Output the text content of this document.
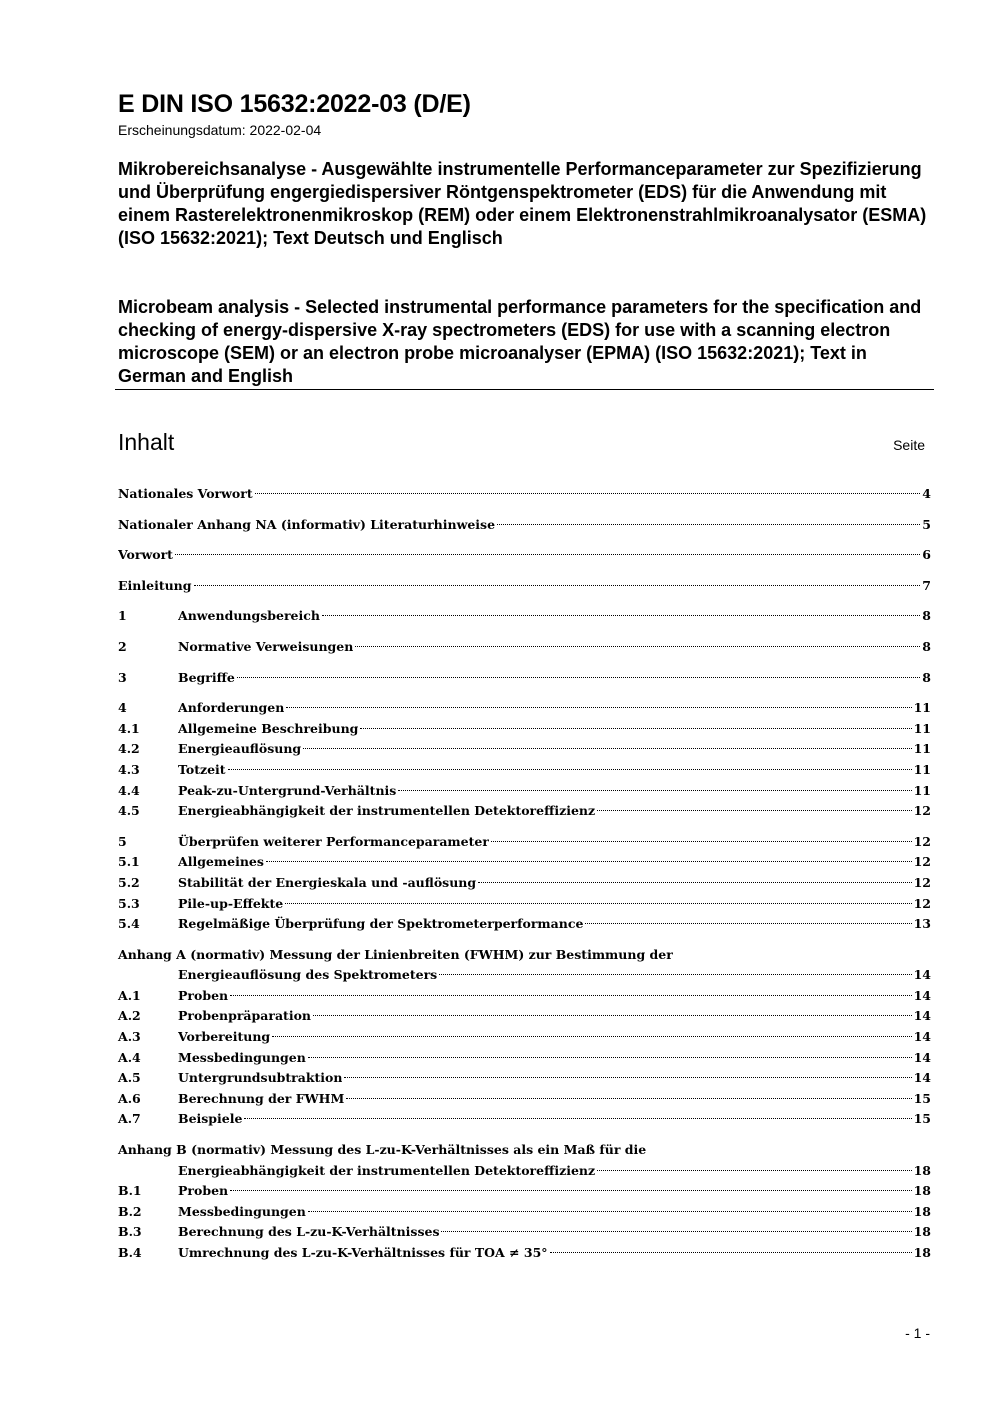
E DIN ISO 15632:2022-03 (D/E)
Erscheinungsdatum: 2022-02-04
Mikrobereichsanalyse - Ausgewählte instrumentelle Performanceparameter zur Spezifizierung und Überprüfung engergiedispersiver Röntgenspektrometer (EDS) für die Anwendung mit einem Rasterelektronenmikroskop (REM) oder einem Elektronenstrahlmikroanalysator (ESMA) (ISO 15632:2021); Text Deutsch und Englisch
Microbeam analysis - Selected instrumental performance parameters for the specification and checking of energy-dispersive X-ray spectrometers (EDS) for use with a scanning electron microscope (SEM) or an electron probe microanalyser (EPMA) (ISO 15632:2021); Text in German and English
Inhalt	Seite
Nationales Vorwort	4
Nationaler Anhang NA (informativ) Literaturhinweise	5
Vorwort	6
Einleitung	7
1	Anwendungsbereich	8
2	Normative Verweisungen	8
3	Begriffe	8
4	Anforderungen	11
4.1	Allgemeine Beschreibung	11
4.2	Energieauflösung	11
4.3	Totzeit	11
4.4	Peak-zu-Untergrund-Verhältnis	11
4.5	Energieabhängigkeit der instrumentellen Detektoreffizienz	12
5	Überprüfen weiterer Performanceparameter	12
5.1	Allgemeines	12
5.2	Stabilität der Energieskala und -auflösung	12
5.3	Pile-up-Effekte	12
5.4	Regelmäßige Überprüfung der Spektrometerperformance	13
Anhang A (normativ) Messung der Linienbreiten (FWHM) zur Bestimmung der
Energieauflösung des Spektrometers	14
A.1	Proben	14
A.2	Probenpräparation	14
A.3	Vorbereitung	14
A.4	Messbedingungen	14
A.5	Untergrundsubtraktion	14
A.6	Berechnung der FWHM	15
A.7	Beispiele	15
Anhang B (normativ) Messung des L-zu-K-Verhältnisses als ein Maß für die
Energieabhängigkeit der instrumentellen Detektoreffizienz	18
B.1	Proben	18
B.2	Messbedingungen	18
B.3	Berechnung des L-zu-K-Verhältnisses	18
B.4	Umrechnung des L-zu-K-Verhältnisses für TOA ≠ 35°	18
- 1 -
